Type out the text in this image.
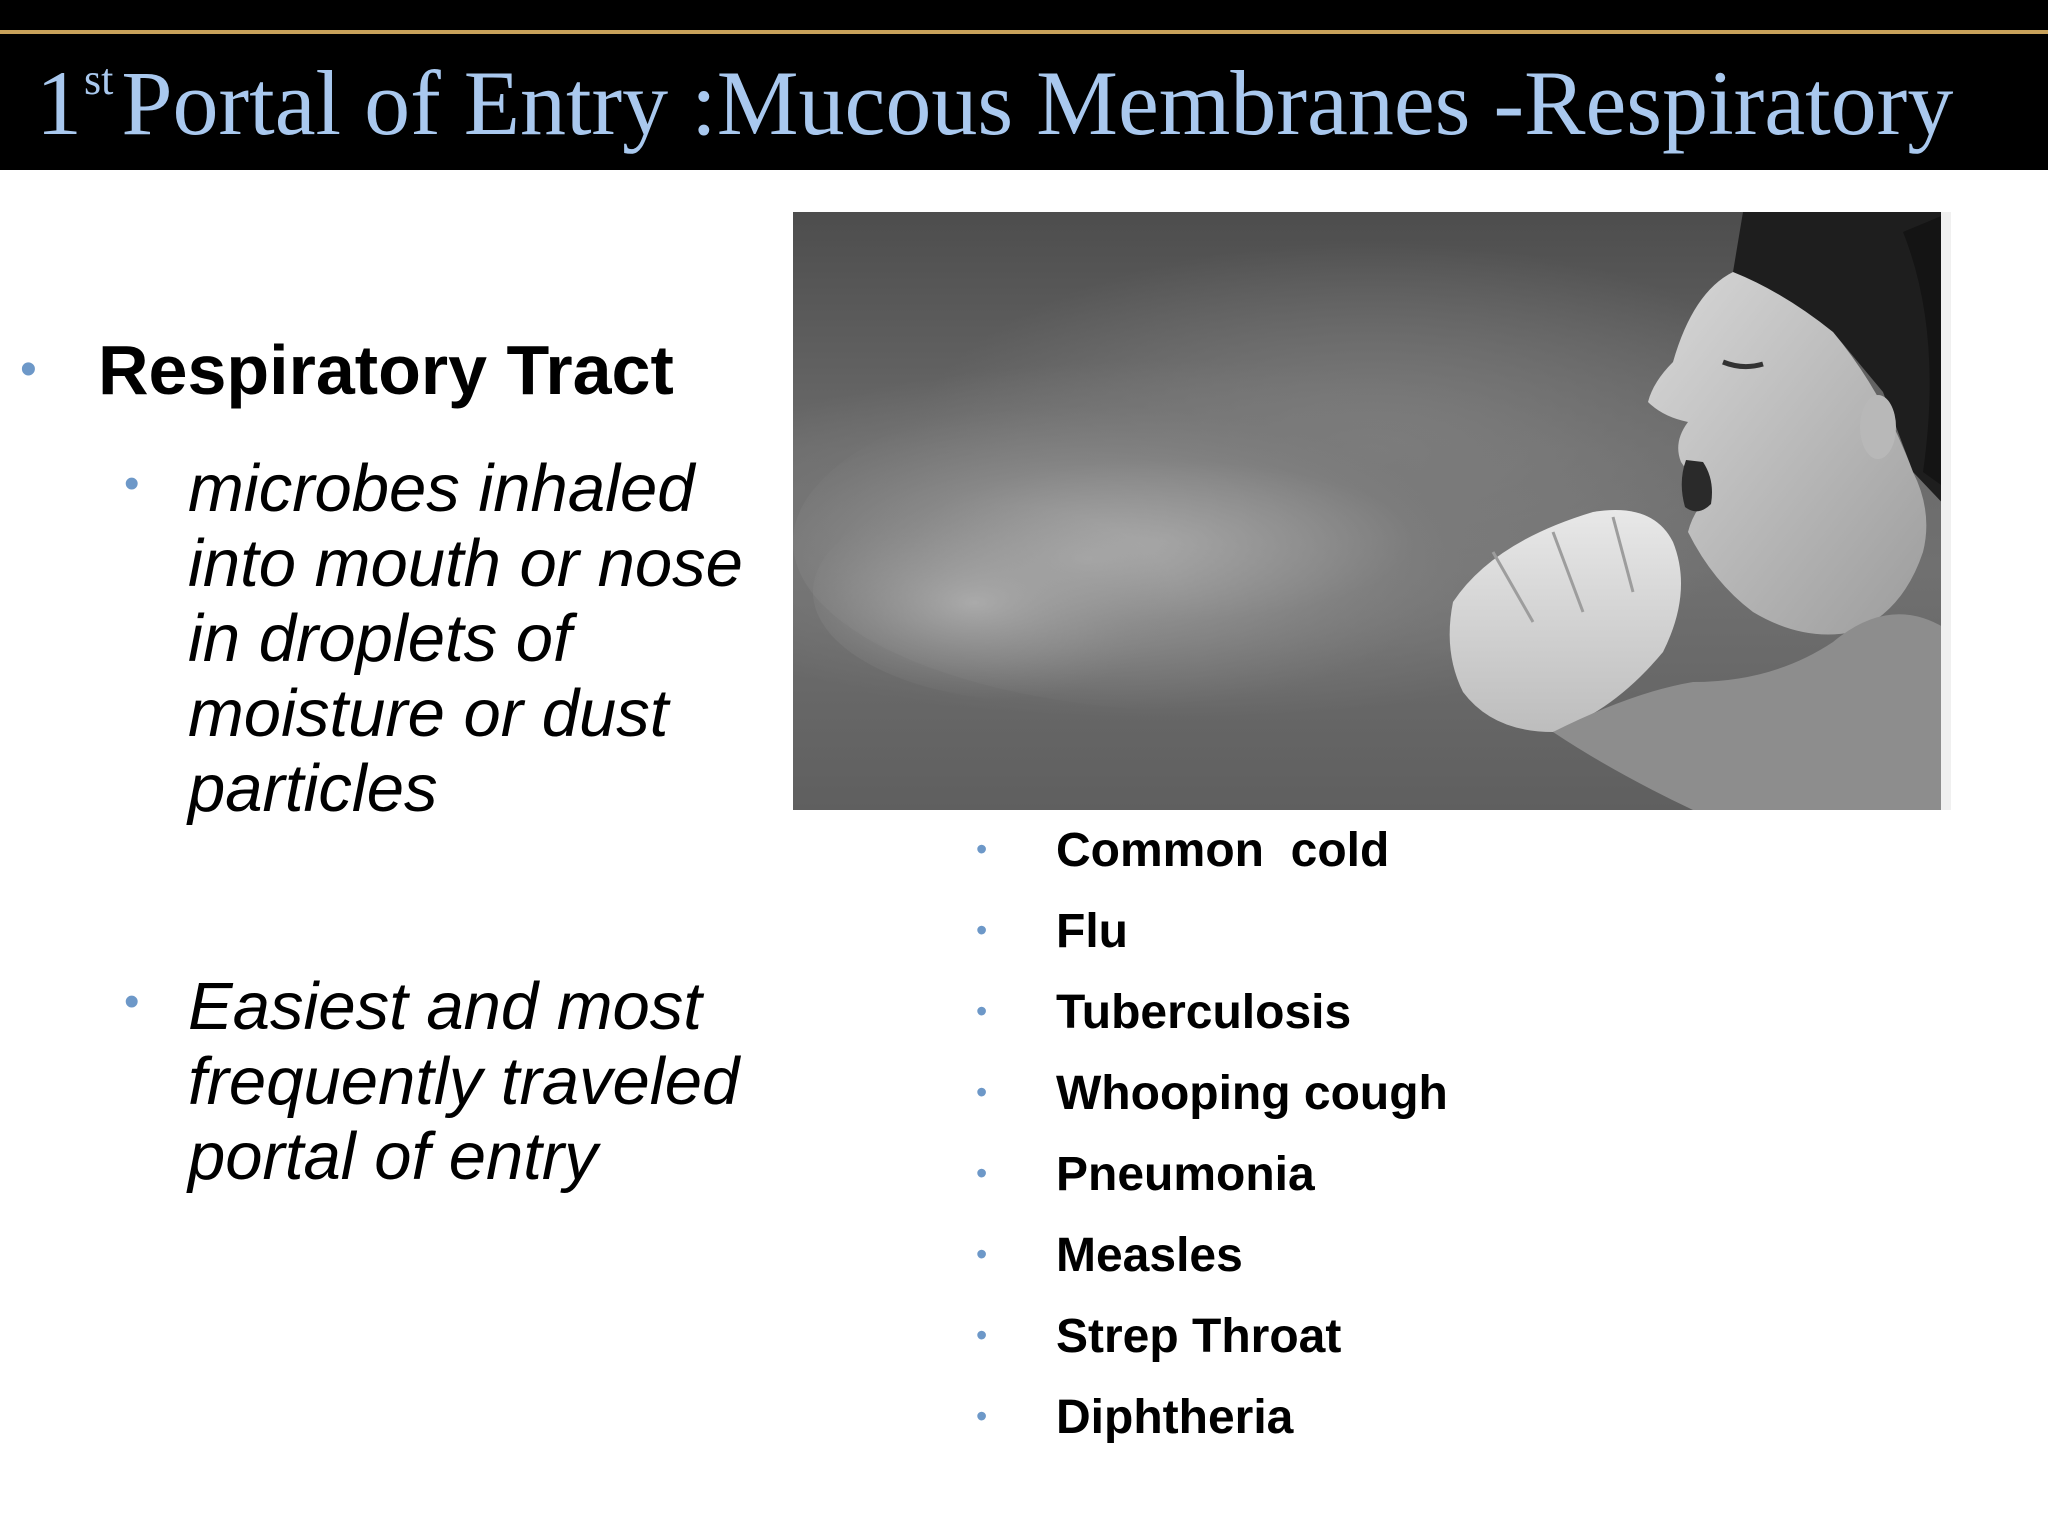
1stPortal of Entry :Mucous Membranes -Respiratory
• Respiratory Tract
• microbes inhaled into mouth or nose in droplets of moisture or dust particles
• Easiest and most frequently traveled portal of entry
• Common  cold
• Flu
• Tuberculosis
• Whooping cough
• Pneumonia
• Measles
• Strep Throat
• Diphtheria
